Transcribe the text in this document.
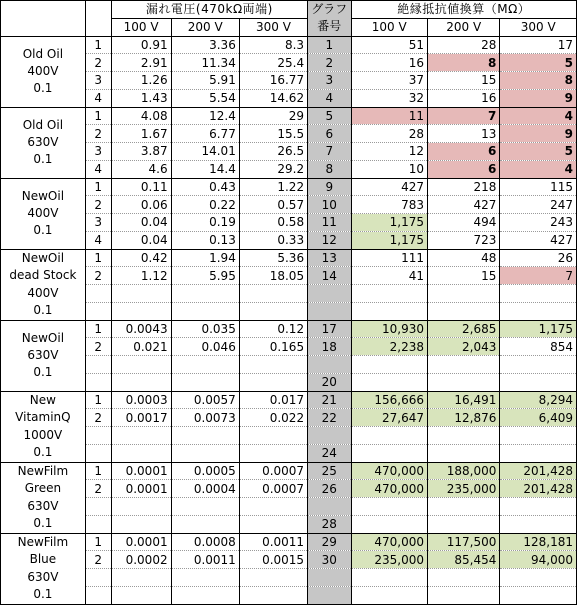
		漏れ電圧(470kΩ両端)			グラフ番号	絶縁抵抗値換算（MΩ）		
		100 V	200 V	300 V		100 V	200 V	300 V

Old Oil
400V
0.1	1	0.91	3.36	8.3	1	51	28	17
	2	2.91	11.34	25.4	2	16	8	5
	3	1.26	5.91	16.77	3	37	15	8
	4	1.43	5.54	14.62	4	32	16	9

Old Oil
630V
0.1	1	4.08	12.4	29	5	11	7	4
	2	1.67	6.77	15.5	6	28	13	9
	3	3.87	14.01	26.5	7	12	6	5
	4	4.6	14.4	29.2	8	10	6	4

NewOil
400V
0.1	1	0.11	0.43	1.22	9	427	218	115
	2	0.06	0.22	0.57	10	783	427	247
	3	0.04	0.19	0.58	11	1,175	494	243
	4	0.04	0.13	0.33	12	1,175	723	427

NewOil
dead Stock
400V
0.1	1	0.42	1.94	5.36	13	111	48	26
	2	1.12	5.95	18.05	14	41	15	7

NewOil
630V
0.1	1	0.0043	0.035	0.12	17	10,930	2,685	1,175
	2	0.021	0.046	0.165	18	2,238	2,043	854

					20			

New
VitaminQ
1000V
0.1	1	0.0003	0.0057	0.017	21	156,666	16,491	8,294
	2	0.0017	0.0073	0.022	22	27,647	12,876	6,409

					24			

NewFilm
Green
630V
0.1	1	0.0001	0.0005	0.0007	25	470,000	188,000	201,428
	2	0.0001	0.0004	0.0007	26	470,000	235,000	201,428

					28			

NewFilm
Blue
630V
0.1	1	0.0001	0.0008	0.0011	29	470,000	117,500	128,181
	2	0.0002	0.0011	0.0015	30	235,000	85,454	94,000
